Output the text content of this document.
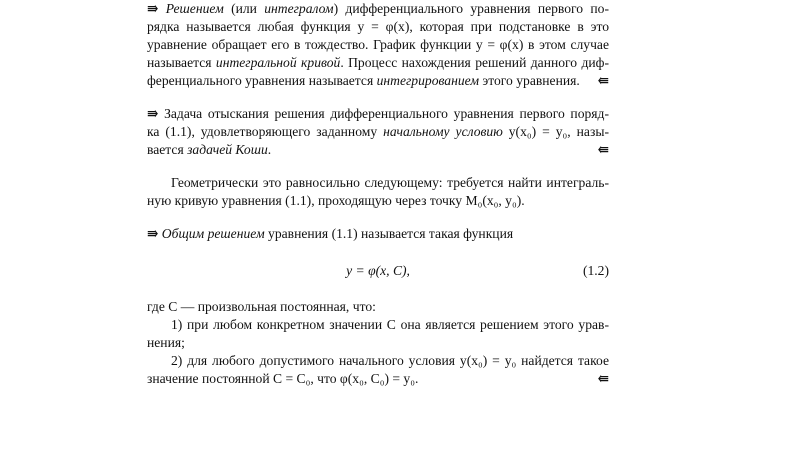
⇛ Решением (или интегралом) дифференциального уравнения первого по-
рядка называется любая функция y = φ(x), которая при подстановке в это
уравнение обращает его в тождество. График функции y = φ(x) в этом случае
называется интегральной кривой. Процесс нахождения решений данного диф-
ференциального уравнения называется интегрированием этого уравнения. ⇚
⇛ Задача отыскания решения дифференциального уравнения первого поряд-
ка (1.1), удовлетворяющего заданному начальному условию y(x₀) = y₀, назы-
вается задачей Коши.	⇚
Геометрически это равносильно следующему: требуется найти интеграль-
ную кривую уравнения (1.1), проходящую через точку M₀(x₀, y₀).
⇛ Общим решением уравнения (1.1) называется такая функция
y = φ(x, C),	(1.2)
где C — произвольная постоянная, что:
1) при любом конкретном значении C она является решением этого урав-
нения;
2) для любого допустимого начального условия y(x₀) = y₀ найдется такое
значение постоянной C = C₀, что φ(x₀, C₀) = y₀.	⇚
